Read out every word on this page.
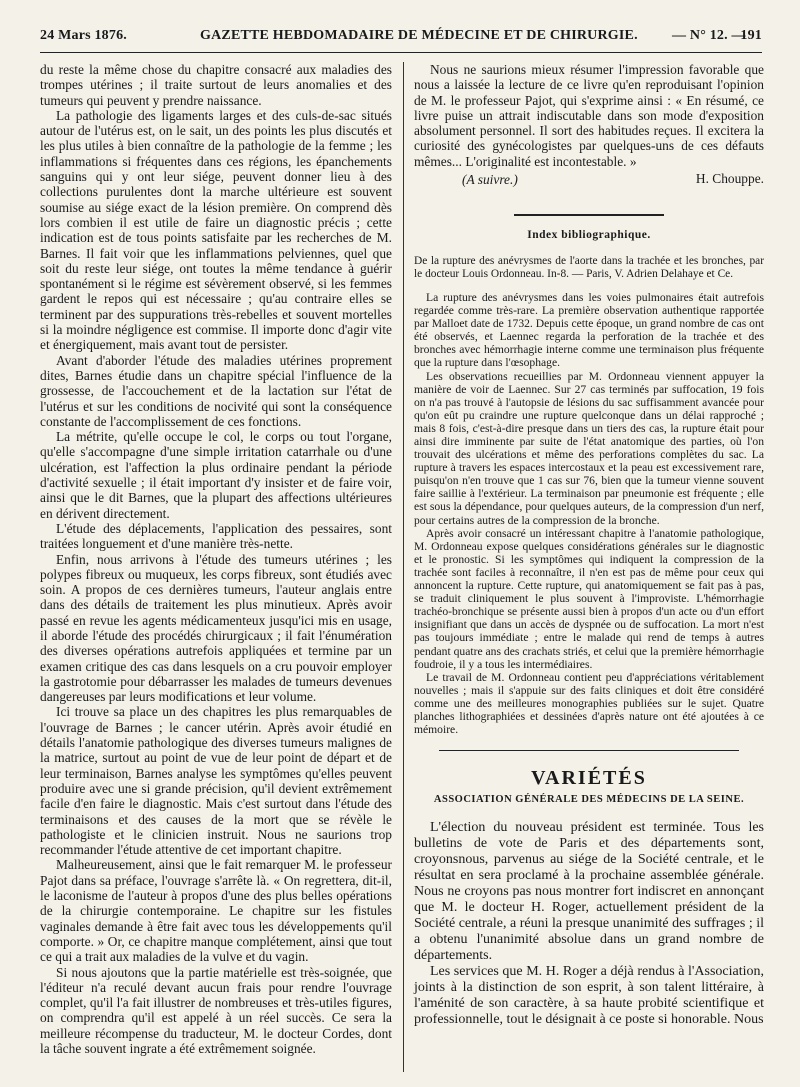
24 Mars 1876.	GAZETTE HEBDOMADAIRE DE MÉDECINE ET DE CHIRURGIE. — N° 12. —
191

du reste la même chose du chapitre consacré aux maladies des trompes utérines ; il traite surtout de leurs anomalies et des tumeurs qui peuvent y prendre naissance.

La pathologie des ligaments larges et des culs-de-sac situés autour de l'utérus est, on le sait, un des points les plus discutés et les plus utiles à bien connaître de la pathologie de la femme ; les inflammations si fréquentes dans ces régions, les épanchements sanguins qui y ont leur siége, peuvent donner lieu à des collections purulentes dont la marche ultérieure est souvent soumise au siége exact de la lésion première. On comprend dès lors combien il est utile de faire un diagnostic précis ; cette indication est de tous points satisfaite par les recherches de M. Barnes. Il fait voir que les inflammations pelviennes, quel que soit du reste leur siége, ont toutes la même tendance à guérir spontanément si le régime est sévèrement observé, si les femmes gardent le repos qui est nécessaire ; qu'au contraire elles se terminent par des suppurations très-rebelles et souvent mortelles si la moindre négligence est commise. Il importe donc d'agir vite et énergiquement, mais avant tout de persister.

Avant d'aborder l'étude des maladies utérines proprement dites, Barnes étudie dans un chapitre spécial l'influence de la grossesse, de l'accouchement et de la lactation sur l'état de l'utérus et sur les conditions de nocivité qui sont la conséquence constante de l'accomplissement de ces fonctions.

La métrite, qu'elle occupe le col, le corps ou tout l'organe, qu'elle s'accompagne d'une simple irritation catarrhale ou d'une ulcération, est l'affection la plus ordinaire pendant la période d'activité sexuelle ; il était important d'y insister et de faire voir, ainsi que le dit Barnes, que la plupart des affections ultérieures en dérivent directement.

L'étude des déplacements, l'application des pessaires, sont traitées longuement et d'une manière très-nette.

Enfin, nous arrivons à l'étude des tumeurs utérines ; les polypes fibreux ou muqueux, les corps fibreux, sont étudiés avec soin. A propos de ces dernières tumeurs, l'auteur anglais entre dans des détails de traitement les plus minutieux. Après avoir passé en revue les agents médicamenteux jusqu'ici mis en usage, il aborde l'étude des procédés chirurgicaux ; il fait l'énumération des diverses opérations autrefois appliquées et termine par un examen critique des cas dans lesquels on a cru pouvoir employer la gastrotomie pour débarrasser les malades de tumeurs devenues dangereuses par leurs modifications et leur volume.

Ici trouve sa place un des chapitres les plus remarquables de l'ouvrage de Barnes ; le cancer utérin. Après avoir étudié en détails l'anatomie pathologique des diverses tumeurs malignes de la matrice, surtout au point de vue de leur point de départ et de leur terminaison, Barnes analyse les symptômes qu'elles peuvent produire avec une si grande précision, qu'il devient extrêmement facile d'en faire le diagnostic. Mais c'est surtout dans l'étude des terminaisons et des causes de la mort que se révèle le pathologiste et le clinicien instruit. Nous ne saurions trop recommander l'étude attentive de cet important chapitre.

Malheureusement, ainsi que le fait remarquer M. le professeur Pajot dans sa préface, l'ouvrage s'arrête là. « On regrettera, dit-il, le laconisme de l'auteur à propos d'une des plus belles opérations de la chirurgie contemporaine. Le chapitre sur les fistules vaginales demande à être fait avec tous les développements qu'il comporte. » Or, ce chapitre manque complétement, ainsi que tout ce qui a trait aux maladies de la vulve et du vagin.

Si nous ajoutons que la partie matérielle est très-soignée, que l'éditeur n'a reculé devant aucun frais pour rendre l'ouvrage complet, qu'il l'a fait illustrer de nombreuses et très-utiles figures, on comprendra qu'il est appelé à un réel succès. Ce sera la meilleure récompense du traducteur, M. le docteur Cordes, dont la tâche souvent ingrate a été extrêmement soignée.

Nous ne saurions mieux résumer l'impression favorable que nous a laissée la lecture de ce livre qu'en reproduisant l'opinion de M. le professeur Pajot, qui s'exprime ainsi : « En résumé, ce livre puise un attrait indiscutable dans son mode d'exposition absolument personnel. Il sort des habitudes reçues. Il excitera la curiosité des gynécologistes par quelques-uns de ces défauts mêmes... L'originalité est incontestable. »

H. Chouppe.
(A suivre.)
Index bibliographique.

De la rupture des anévrysmes de l'aorte dans la trachée et les bronches, par le docteur Louis Ordonneau. In-8. — Paris, V. Adrien Delahaye et Ce.

La rupture des anévrysmes dans les voies pulmonaires était autrefois regardée comme très-rare. La première observation authentique rapportée par Malloet date de 1732. Depuis cette époque, un grand nombre de cas ont été observés, et Laennec regarda la perforation de la trachée et des bronches avec hémorrhagie interne comme une terminaison plus fréquente que la rupture dans l'œsophage.

Les observations recueillies par M. Ordonneau viennent appuyer la manière de voir de Laennec. Sur 27 cas terminés par suffocation, 19 fois on n'a pas trouvé à l'autopsie de lésions du sac suffisamment avancée pour qu'on eût pu craindre une rupture quelconque dans un délai rapproché ; mais 8 fois, c'est-à-dire presque dans un tiers des cas, la rupture était pour ainsi dire imminente par suite de l'état anatomique des parties, où l'on trouvait des ulcérations et même des perforations complètes du sac. La rupture à travers les espaces intercostaux et la peau est excessivement rare, puisqu'on n'en trouve que 1 cas sur 76, bien que la tumeur vienne souvent faire saillie à l'extérieur. La terminaison par pneumonie est fréquente ; elle est sous la dépendance, pour quelques auteurs, de la compression d'un nerf, pour certains autres de la compression de la bronche.

Après avoir consacré un intéressant chapitre à l'anatomie pathologique, M. Ordonneau expose quelques considérations générales sur le diagnostic et le pronostic. Si les symptômes qui indiquent la compression de la trachée sont faciles à reconnaître, il n'en est pas de même pour ceux qui annoncent la rupture. Cette rupture, qui anatomiquement se fait pas à pas, se traduit cliniquement le plus souvent à l'improviste. L'hémorrhagie trachéo-bronchique se présente aussi bien à propos d'un acte ou d'un effort insignifiant que dans un accès de dyspnée ou de suffocation. La mort n'est pas toujours immédiate ; entre le malade qui rend de temps à autres pendant quatre ans des crachats striés, et celui que la première hémorrhagie foudroie, il y a tous les intermédiaires.

Le travail de M. Ordonneau contient peu d'appréciations véritablement nouvelles ; mais il s'appuie sur des faits cliniques et doit être considéré comme une des meilleures monographies publiées sur le sujet. Quatre planches lithographiées et dessinées d'après nature ont été ajoutées à ce mémoire.

VARIÉTÉS
ASSOCIATION GÉNÉRALE DES MÉDECINS DE LA SEINE.

L'élection du nouveau président est terminée. Tous les bulletins de vote de Paris et des départements sont, croyonsnous, parvenus au siége de la Société centrale, et le résultat en sera proclamé à la prochaine assemblée générale. Nous ne croyons pas nous montrer fort indiscret en annonçant que M. le docteur H. Roger, actuellement président de la Société centrale, a réuni la presque unanimité des suffrages ; il a obtenu l'unanimité absolue dans un grand nombre de départements.

Les services que M. H. Roger a déjà rendus à l'Association, joints à la distinction de son esprit, à son talent littéraire, à l'aménité de son caractère, à sa haute probité scientifique et professionnelle, tout le désignait à ce poste si honorable. Nous
